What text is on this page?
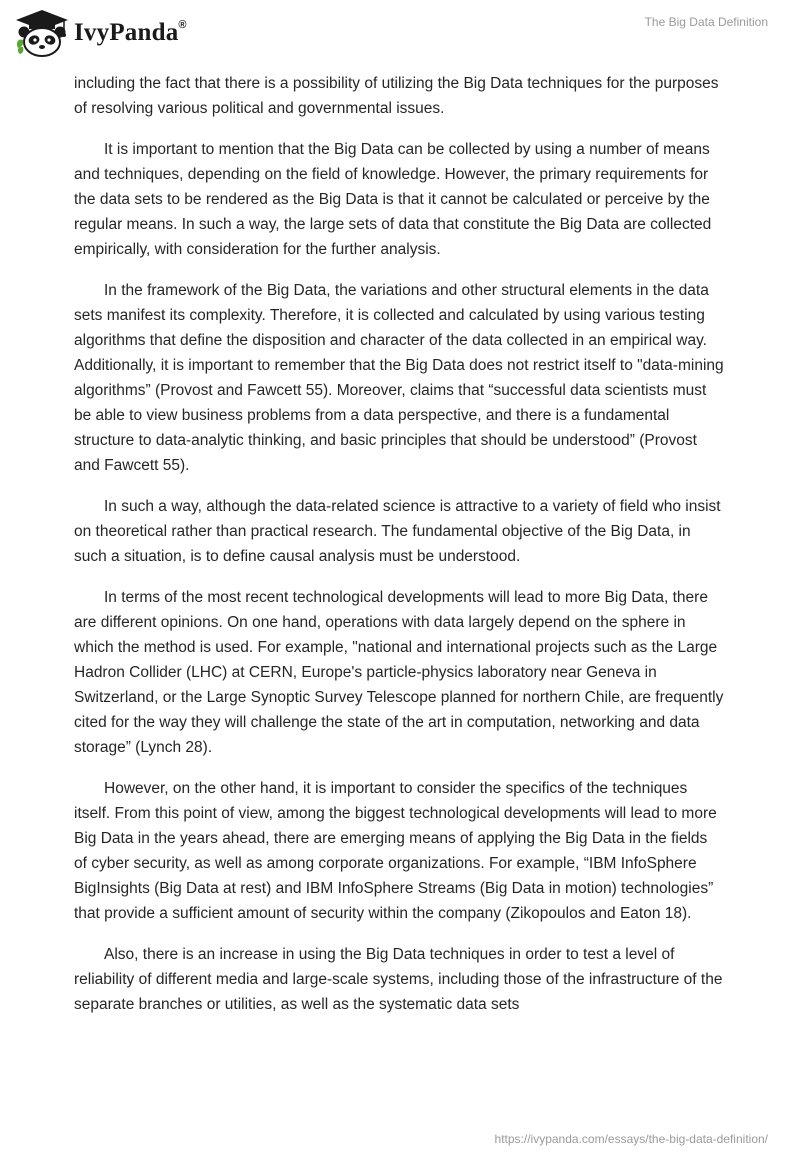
IvyPanda®	The Big Data Definition

including the fact that there is a possibility of utilizing the Big Data techniques for the purposes of resolving various political and governmental issues.

It is important to mention that the Big Data can be collected by using a number of means and techniques, depending on the field of knowledge. However, the primary requirements for the data sets to be rendered as the Big Data is that it cannot be calculated or perceive by the regular means. In such a way, the large sets of data that constitute the Big Data are collected empirically, with consideration for the further analysis.

In the framework of the Big Data, the variations and other structural elements in the data sets manifest its complexity. Therefore, it is collected and calculated by using various testing algorithms that define the disposition and character of the data collected in an empirical way. Additionally, it is important to remember that the Big Data does not restrict itself to "data-mining algorithms” (Provost and Fawcett 55). Moreover, claims that “successful data scientists must be able to view business problems from a data perspective, and there is a fundamental structure to data-analytic thinking, and basic principles that should be understood” (Provost and Fawcett 55).

In such a way, although the data-related science is attractive to a variety of field who insist on theoretical rather than practical research. The fundamental objective of the Big Data, in such a situation, is to define causal analysis must be understood.

In terms of the most recent technological developments will lead to more Big Data, there are different opinions. On one hand, operations with data largely depend on the sphere in which the method is used. For example, "national and international projects such as the Large Hadron Collider (LHC) at CERN, Europe's particle-physics laboratory near Geneva in Switzerland, or the Large Synoptic Survey Telescope planned for northern Chile, are frequently cited for the way they will challenge the state of the art in computation, networking and data storage” (Lynch 28).

However, on the other hand, it is important to consider the specifics of the techniques itself. From this point of view, among the biggest technological developments will lead to more Big Data in the years ahead, there are emerging means of applying the Big Data in the fields of cyber security, as well as among corporate organizations. For example, “IBM InfoSphere BigInsights (Big Data at rest) and IBM InfoSphere Streams (Big Data in motion) technologies” that provide a sufficient amount of security within the company (Zikopoulos and Eaton 18).

Also, there is an increase in using the Big Data techniques in order to test a level of reliability of different media and large-scale systems, including those of the infrastructure of the separate branches or utilities, as well as the systematic data sets

https://ivypanda.com/essays/the-big-data-definition/
